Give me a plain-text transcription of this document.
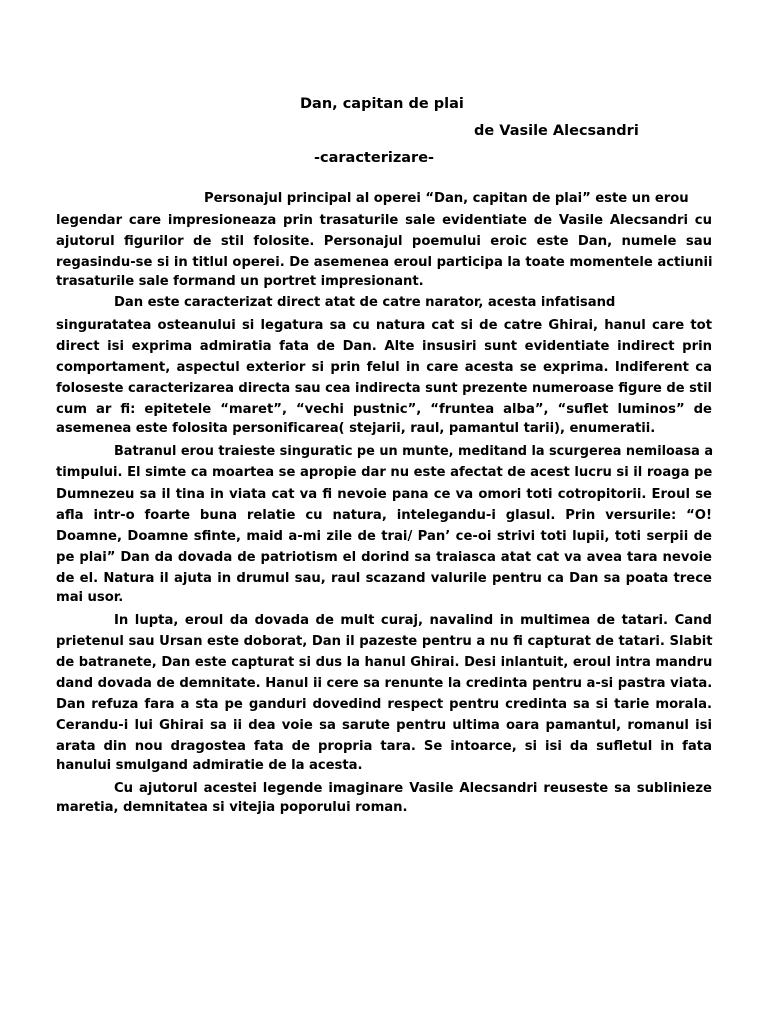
Dan, capitan de plai
de Vasile Alecsandri
-caracterizare-
Personajul principal al operei “Dan, capitan de plai” este un erou
legendar care impresioneaza prin trasaturile sale evidentiate de Vasile Alecsandri cu
ajutorul figurilor de stil folosite. Personajul poemului eroic este Dan, numele sau
regasindu-se si in titlul operei. De asemenea eroul participa la toate momentele actiunii
trasaturile sale formand un portret impresionant.
Dan este caracterizat direct atat de catre narator, acesta infatisand
singuratatea osteanului si legatura sa cu natura cat si de catre Ghirai, hanul care tot
direct isi exprima admiratia fata de Dan. Alte insusiri sunt evidentiate indirect prin
comportament, aspectul exterior si prin felul in care acesta se exprima. Indiferent ca
foloseste caracterizarea directa sau cea indirecta sunt prezente numeroase figure de stil
cum ar fi: epitetele “maret”, “vechi pustnic”, “fruntea alba”, “suflet luminos” de
asemenea este folosita personificarea( stejarii, raul, pamantul tarii), enumeratii.
Batranul erou traieste singuratic pe un munte, meditand la scurgerea nemiloasa a
timpului. El simte ca moartea se apropie dar nu este afectat de acest lucru si il roaga pe
Dumnezeu sa il tina in viata cat va fi nevoie pana ce va omori toti cotropitorii. Eroul se
afla intr-o foarte buna relatie cu natura, intelegandu-i glasul. Prin versurile: “O!
Doamne, Doamne sfinte, maid a-mi zile de trai/ Pan’ ce-oi strivi toti lupii, toti serpii de
pe plai” Dan da dovada de patriotism el dorind sa traiasca atat cat va avea tara nevoie
de el. Natura il ajuta in drumul sau, raul scazand valurile pentru ca Dan sa poata trece
mai usor.
In lupta, eroul da dovada de mult curaj, navalind in multimea de tatari. Cand
prietenul sau Ursan este doborat, Dan il pazeste pentru a nu fi capturat de tatari. Slabit
de batranete, Dan este capturat si dus la hanul Ghirai. Desi inlantuit, eroul intra mandru
dand dovada de demnitate. Hanul ii cere sa renunte la credinta pentru a-si pastra viata.
Dan refuza fara a sta pe ganduri dovedind respect pentru credinta sa si tarie morala.
Cerandu-i lui Ghirai sa ii dea voie sa sarute pentru ultima oara pamantul, romanul isi
arata din nou dragostea fata de propria tara. Se intoarce, si isi da sufletul in fata
hanului smulgand admiratie de la acesta.
Cu ajutorul acestei legende imaginare Vasile Alecsandri reuseste sa sublinieze
maretia, demnitatea si vitejia poporului roman.
